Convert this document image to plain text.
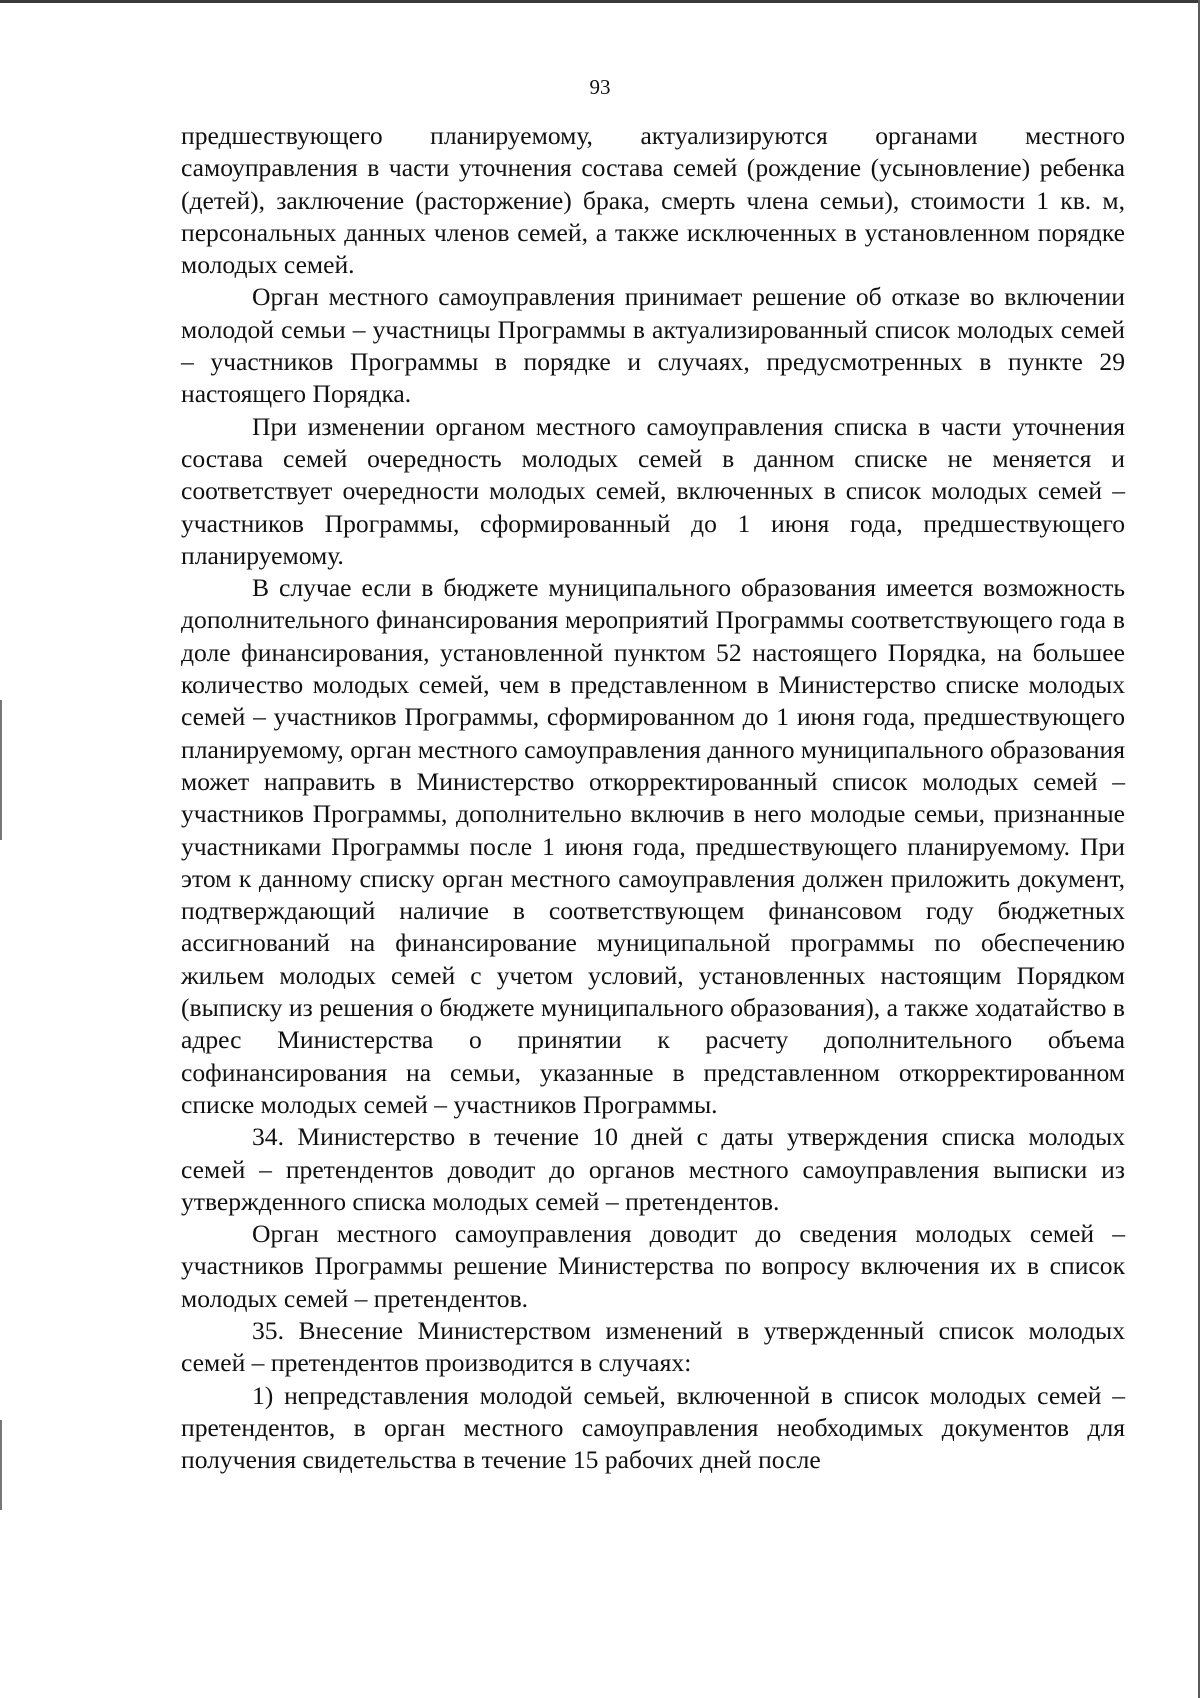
93

предшествующего планируемому, актуализируются органами местного самоуправления в части уточнения состава семей (рождение (усыновление) ребенка (детей), заключение (расторжение) брака, смерть члена семьи), стоимости 1 кв. м, персональных данных членов семей, а также исключенных в установленном порядке молодых семей.

Орган местного самоуправления принимает решение об отказе во включении молодой семьи – участницы Программы в актуализированный список молодых семей – участников Программы в порядке и случаях, предусмотренных в пункте 29 настоящего Порядка.

При изменении органом местного самоуправления списка в части уточнения состава семей очередность молодых семей в данном списке не меняется и соответствует очередности молодых семей, включенных в список молодых семей – участников Программы, сформированный до 1 июня года, предшествующего планируемому.

В случае если в бюджете муниципального образования имеется возможность дополнительного финансирования мероприятий Программы соответствующего года в доле финансирования, установленной пунктом 52 настоящего Порядка, на большее количество молодых семей, чем в представленном в Министерство списке молодых семей – участников Программы, сформированном до 1 июня года, предшествующего планируемому, орган местного самоуправления данного муниципального образования может направить в Министерство откорректированный список молодых семей – участников Программы, дополнительно включив в него молодые семьи, признанные участниками Программы после 1 июня года, предшествующего планируемому. При этом к данному списку орган местного самоуправления должен приложить документ, подтверждающий наличие в соответствующем финансовом году бюджетных ассигнований на финансирование муниципальной программы по обеспечению жильем молодых семей с учетом условий, установленных настоящим Порядком (выписку из решения о бюджете муниципального образования), а также ходатайство в адрес Министерства о принятии к расчету дополнительного объема софинансирования на семьи, указанные в представленном откорректированном списке молодых семей – участников Программы.

34. Министерство в течение 10 дней с даты утверждения списка молодых семей – претендентов доводит до органов местного самоуправления выписки из утвержденного списка молодых семей – претендентов.

Орган местного самоуправления доводит до сведения молодых семей – участников Программы решение Министерства по вопросу включения их в список молодых семей – претендентов.

35. Внесение Министерством изменений в утвержденный список молодых семей – претендентов производится в случаях:

1) непредставления молодой семьей, включенной в список молодых семей – претендентов, в орган местного самоуправления необходимых документов для получения свидетельства в течение 15 рабочих дней после
